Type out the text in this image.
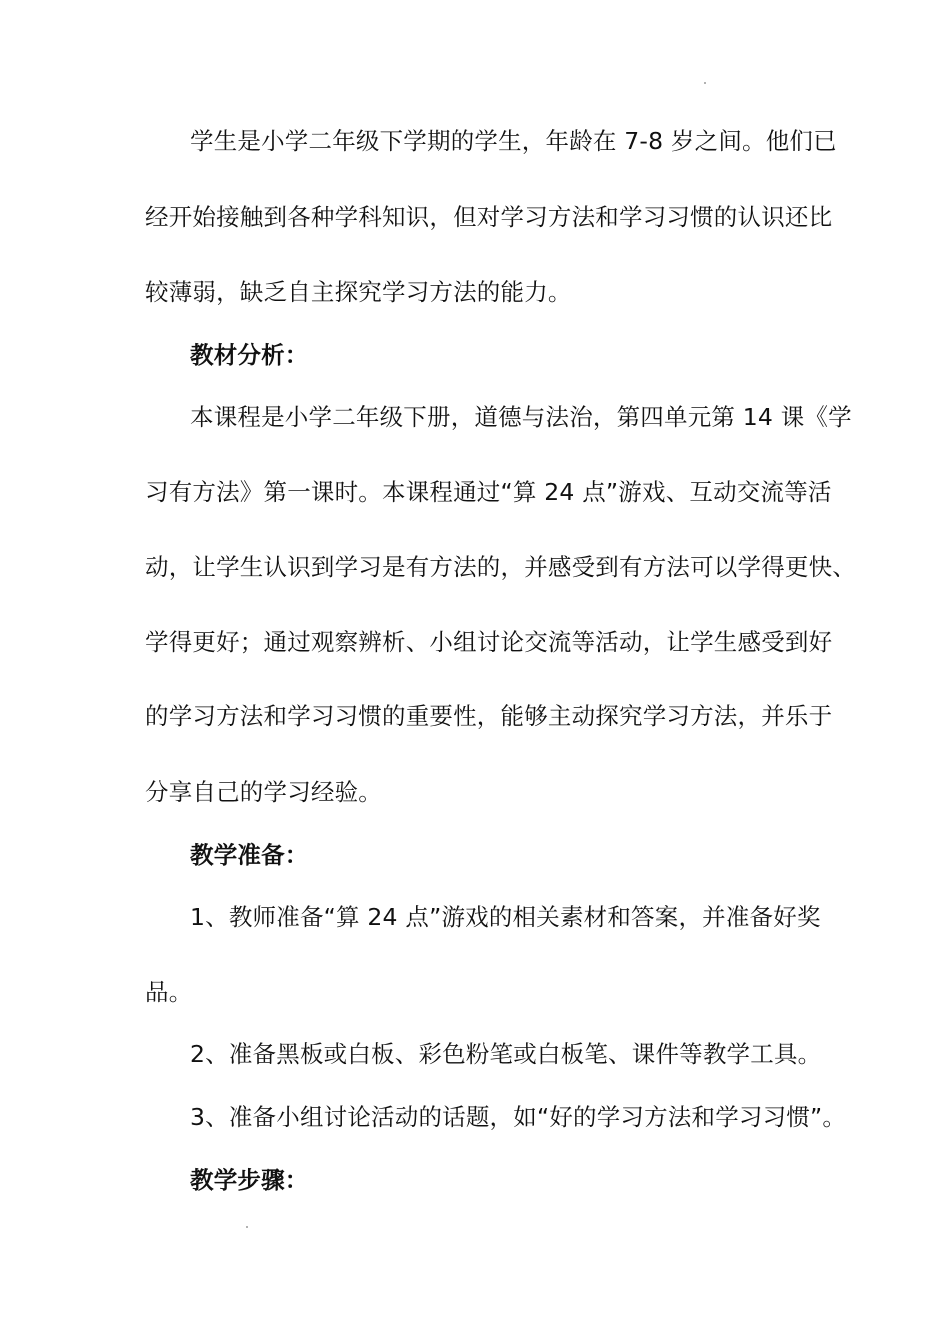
学生是小学二年级下学期的学生，年龄在 7-8 岁之间。他们已
经开始接触到各种学科知识，但对学习方法和学习习惯的认识还比
较薄弱，缺乏自主探究学习方法的能力。
教材分析：
本课程是小学二年级下册，道德与法治，第四单元第 14 课《学
习有方法》第一课时。本课程通过“算 24 点”游戏、互动交流等活
动，让学生认识到学习是有方法的，并感受到有方法可以学得更快、
学得更好；通过观察辨析、小组讨论交流等活动，让学生感受到好
的学习方法和学习习惯的重要性，能够主动探究学习方法，并乐于
分享自己的学习经验。
教学准备：
1、教师准备“算 24 点”游戏的相关素材和答案，并准备好奖
品。
2、准备黑板或白板、彩色粉笔或白板笔、课件等教学工具。
3、准备小组讨论活动的话题，如“好的学习方法和学习习惯”。
教学步骤：
